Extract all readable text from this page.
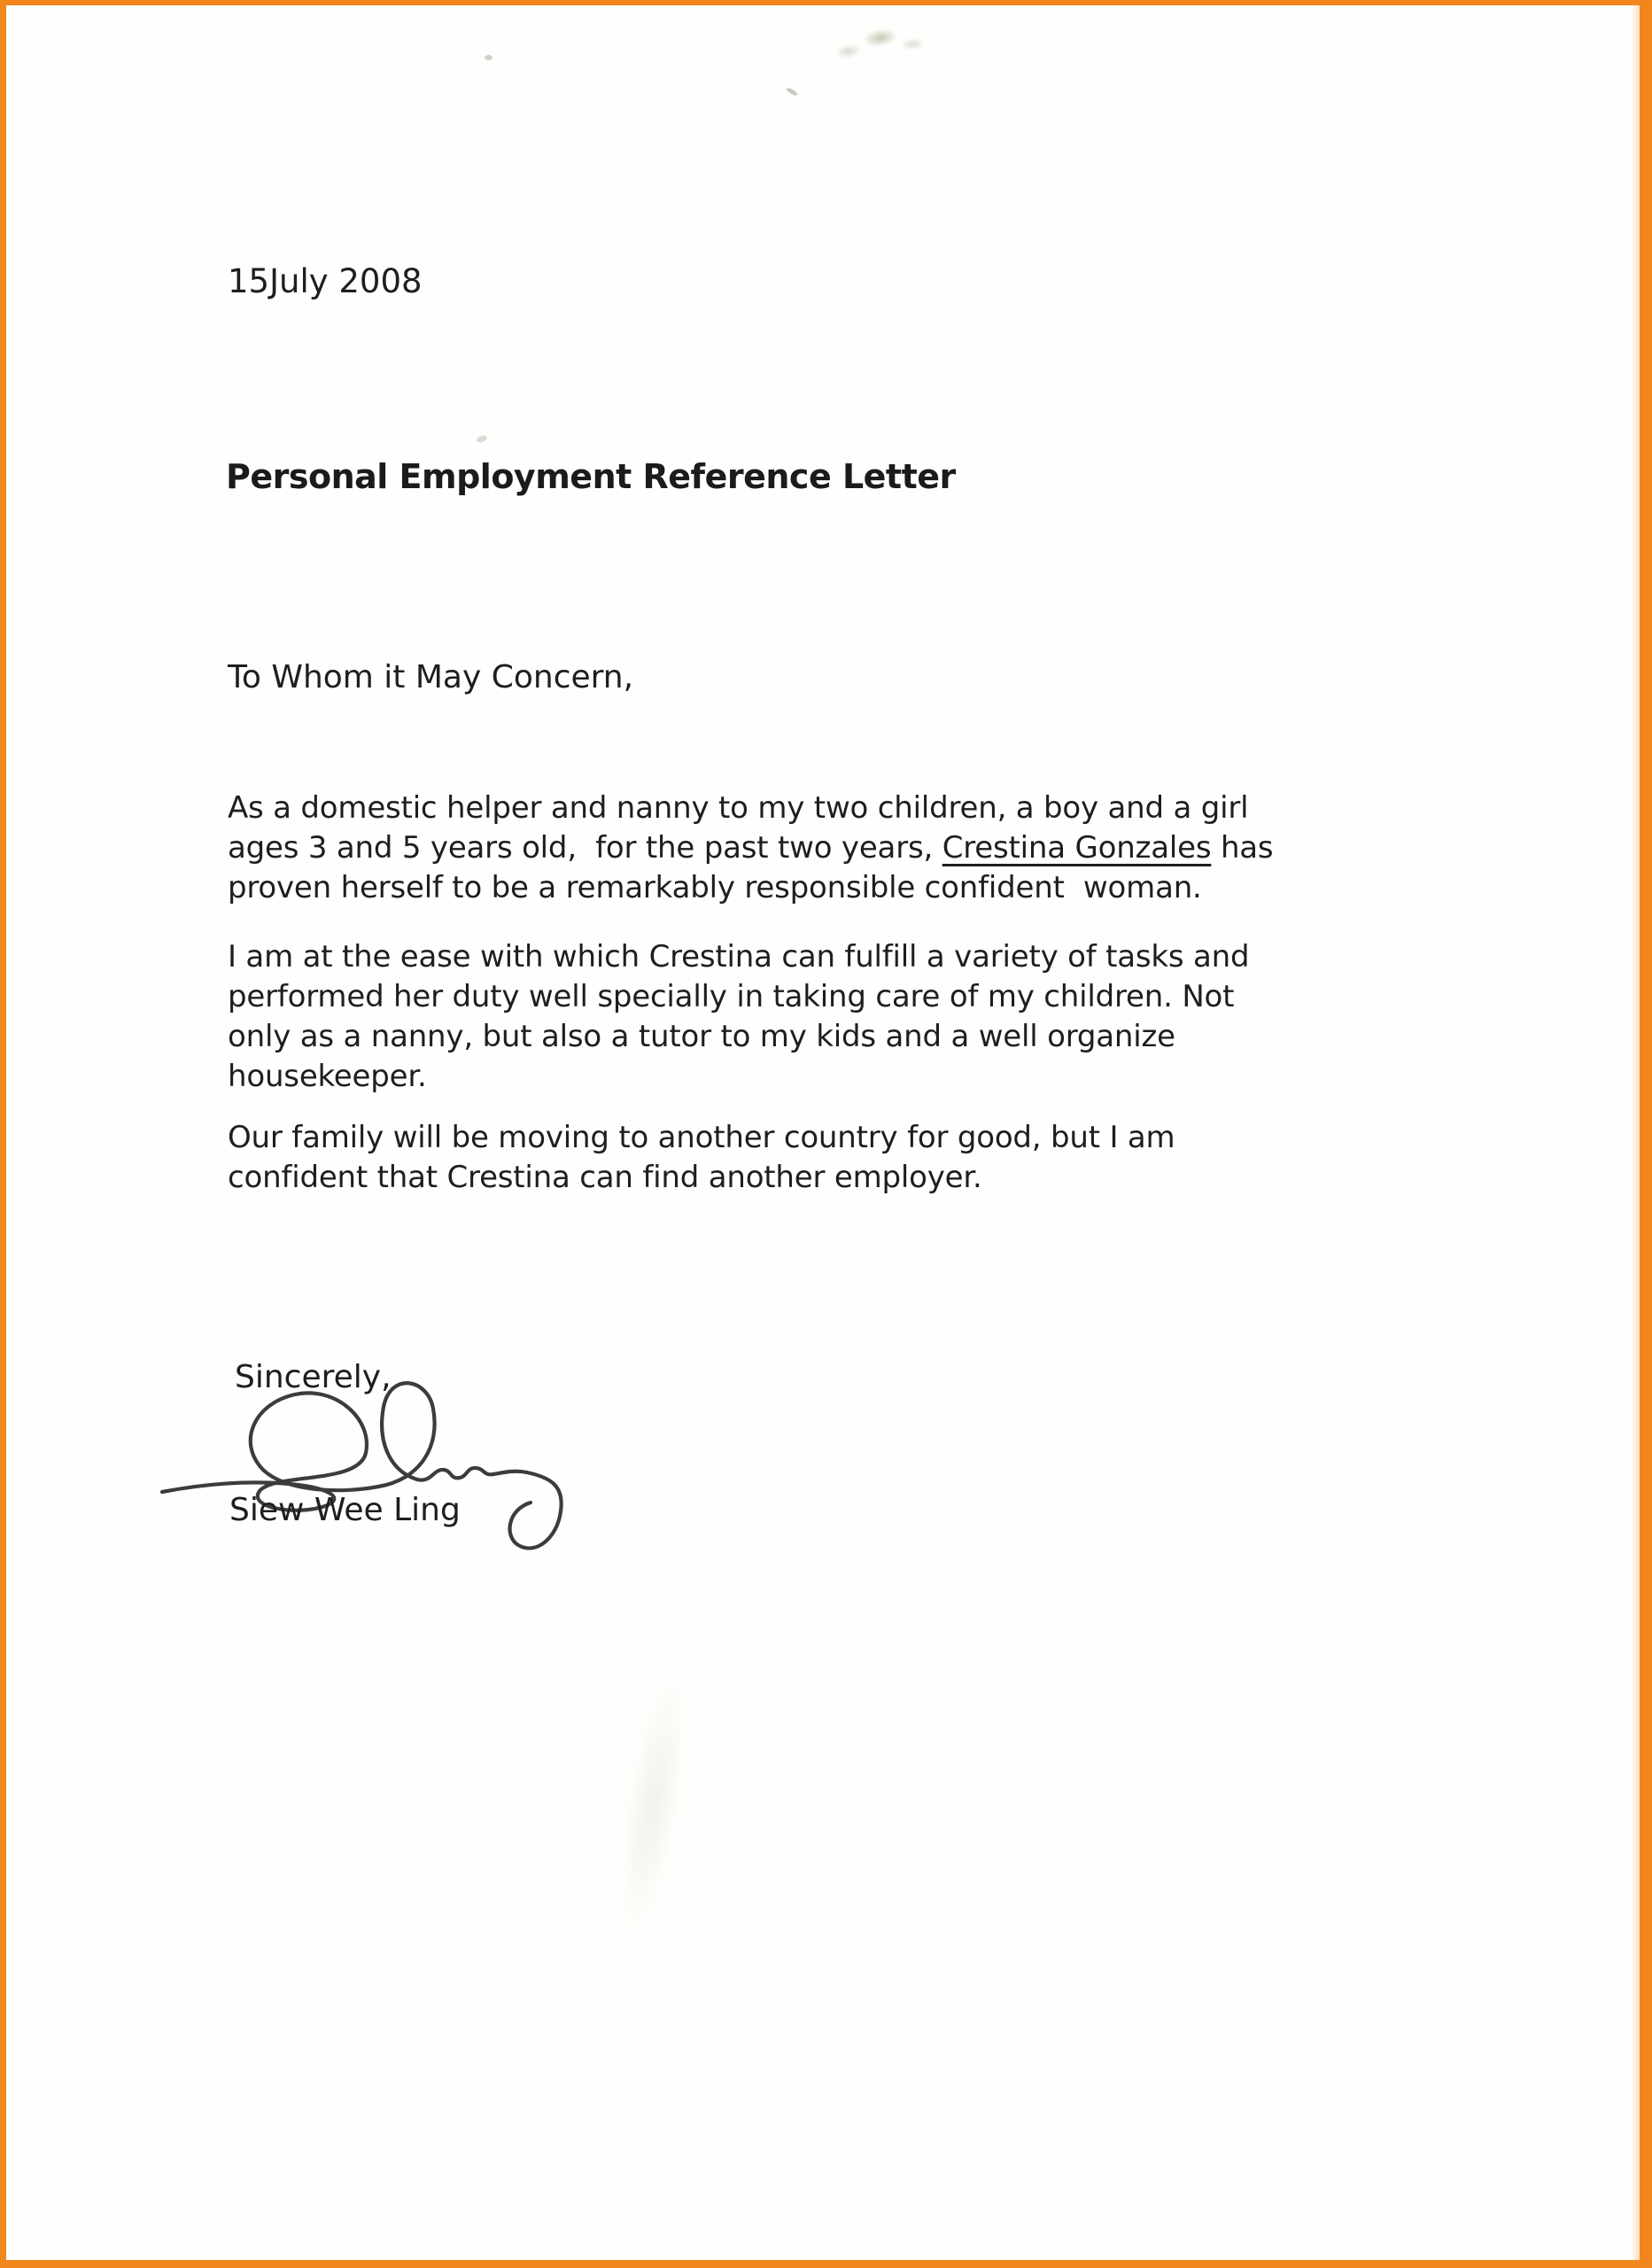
15July 2008
Personal Employment Reference Letter
To Whom it May Concern,
As a domestic helper and nanny to my two children, a boy and a girl
ages 3 and 5 years old,  for the past two years, Crestina Gonzales has
proven herself to be a remarkably responsible confident  woman.
I am at the ease with which Crestina can fulfill a variety of tasks and
performed her duty well specially in taking care of my children. Not
only as a nanny, but also a tutor to my kids and a well organize
housekeeper.
Our family will be moving to another country for good, but I am
confident that Crestina can find another employer.
Sincerely,
Siew Wee Ling
